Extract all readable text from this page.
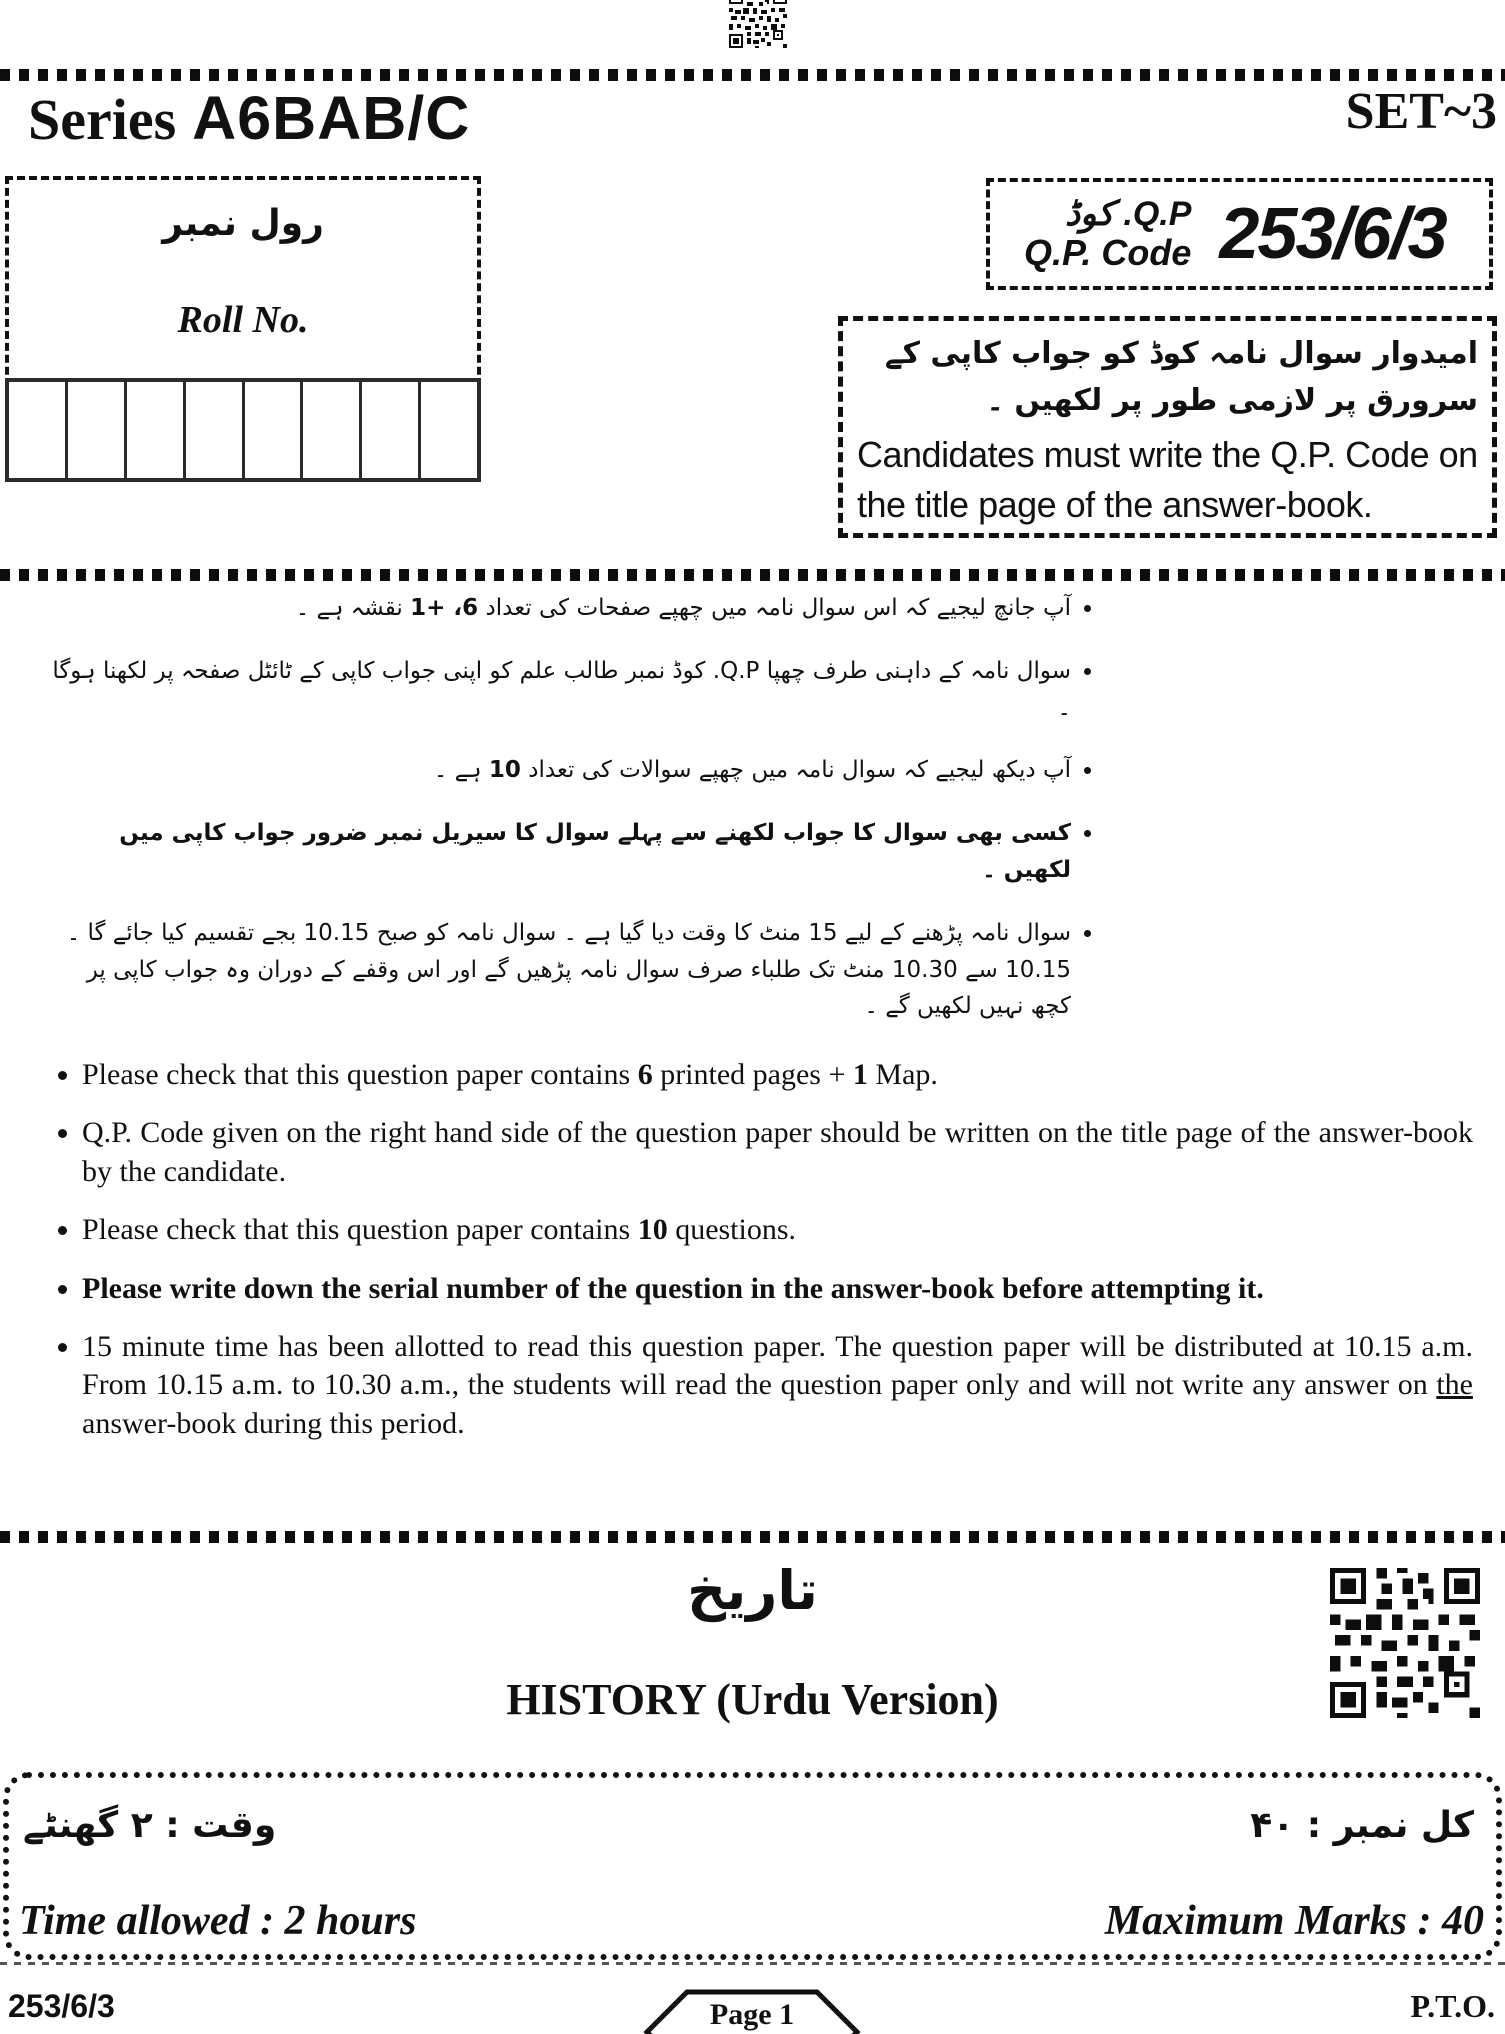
Series A6BAB/C	SET~3
رول نمبر
Roll No.
Q.P. کوڈ
Q.P. Code 253/6/3
امیدوار سوال نامہ کوڈ کو جواب کاپی کے سرورق پر لازمی طور پر لکھیں ۔
Candidates must write the Q.P. Code on the title page of the answer-book.
• آپ جانچ لیجیے کہ اس سوال نامہ میں چھپے صفحات کی تعداد 6، +1 نقشہ ہے ۔
• سوال نامہ کے داہنی طرف چھپا Q.P. کوڈ نمبر طالب علم کو اپنی جواب کاپی کے ٹائٹل صفحہ پر لکھنا ہوگا ۔
• آپ دیکھ لیجیے کہ سوال نامہ میں چھپے سوالات کی تعداد 10 ہے ۔
• کسی بھی سوال کا جواب لکھنے سے پہلے سوال کا سیریل نمبر ضرور جواب کاپی میں لکھیں ۔
• سوال نامہ پڑھنے کے لیے 15 منٹ کا وقت دیا گیا ہے ۔ سوال نامہ کو صبح 10.15 بجے تقسیم کیا جائے گا ۔ 10.15 سے 10.30 منٹ تک طلباء صرف سوال نامہ پڑھیں گے اور اس وقفے کے دوران وہ جواب کاپی پر کچھ نہیں لکھیں گے ۔
• Please check that this question paper contains 6 printed pages + 1 Map.
• Q.P. Code given on the right hand side of the question paper should be written on the title page of the answer-book by the candidate.
• Please check that this question paper contains 10 questions.
• Please write down the serial number of the question in the answer-book before attempting it.
• 15 minute time has been allotted to read this question paper. The question paper will be distributed at 10.15 a.m. From 10.15 a.m. to 10.30 a.m., the students will read the question paper only and will not write any answer on the answer-book during this period.
تاریخ
HISTORY (Urdu Version)
کل نمبر : ۴۰
وقت : ۲ گھنٹے
Time allowed : 2 hours	Maximum Marks : 40
253/6/3	Page 1	P.T.O.
